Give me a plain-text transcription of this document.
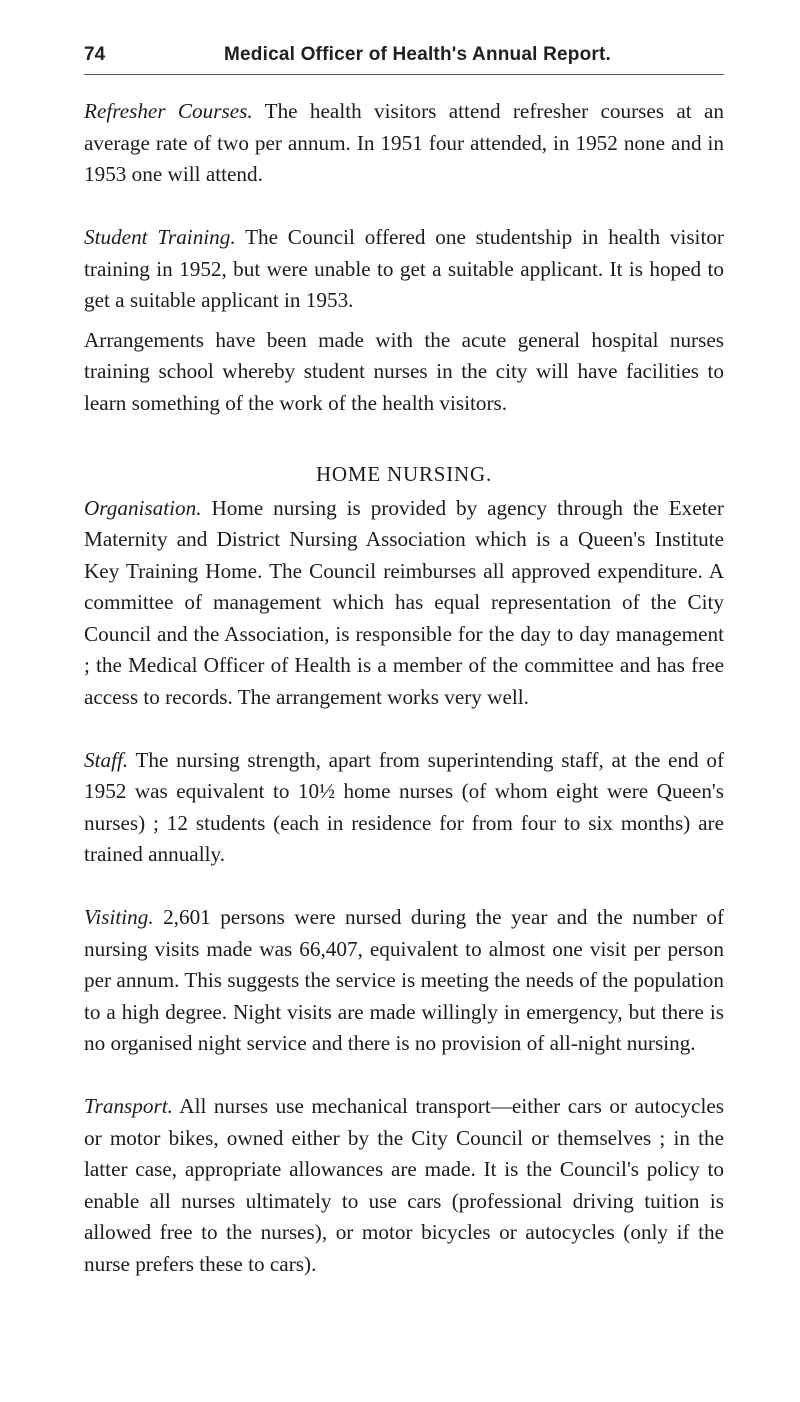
74	Medical Officer of Health's Annual Report.

Refresher Courses. The health visitors attend refresher courses at an average rate of two per annum. In 1951 four attended, in 1952 none and in 1953 one will attend.

Student Training. The Council offered one studentship in health visitor training in 1952, but were unable to get a suitable applicant. It is hoped to get a suitable applicant in 1953.

Arrangements have been made with the acute general hospital nurses training school whereby student nurses in the city will have facilities to learn something of the work of the health visitors.

HOME NURSING.

Organisation. Home nursing is provided by agency through the Exeter Maternity and District Nursing Association which is a Queen's Institute Key Training Home. The Council reimburses all approved expenditure. A committee of management which has equal representation of the City Council and the Association, is responsible for the day to day management ; the Medical Officer of Health is a member of the committee and has free access to records. The arrangement works very well.

Staff. The nursing strength, apart from superintending staff, at the end of 1952 was equivalent to 10½ home nurses (of whom eight were Queen's nurses) ; 12 students (each in residence for from four to six months) are trained annually.

Visiting. 2,601 persons were nursed during the year and the number of nursing visits made was 66,407, equivalent to almost one visit per person per annum. This suggests the service is meeting the needs of the population to a high degree. Night visits are made willingly in emergency, but there is no organised night service and there is no provision of all-night nursing.

Transport. All nurses use mechanical transport—either cars or autocycles or motor bikes, owned either by the City Council or themselves ; in the latter case, appropriate allowances are made. It is the Council's policy to enable all nurses ultimately to use cars (professional driving tuition is allowed free to the nurses), or motor bicycles or autocycles (only if the nurse prefers these to cars).
